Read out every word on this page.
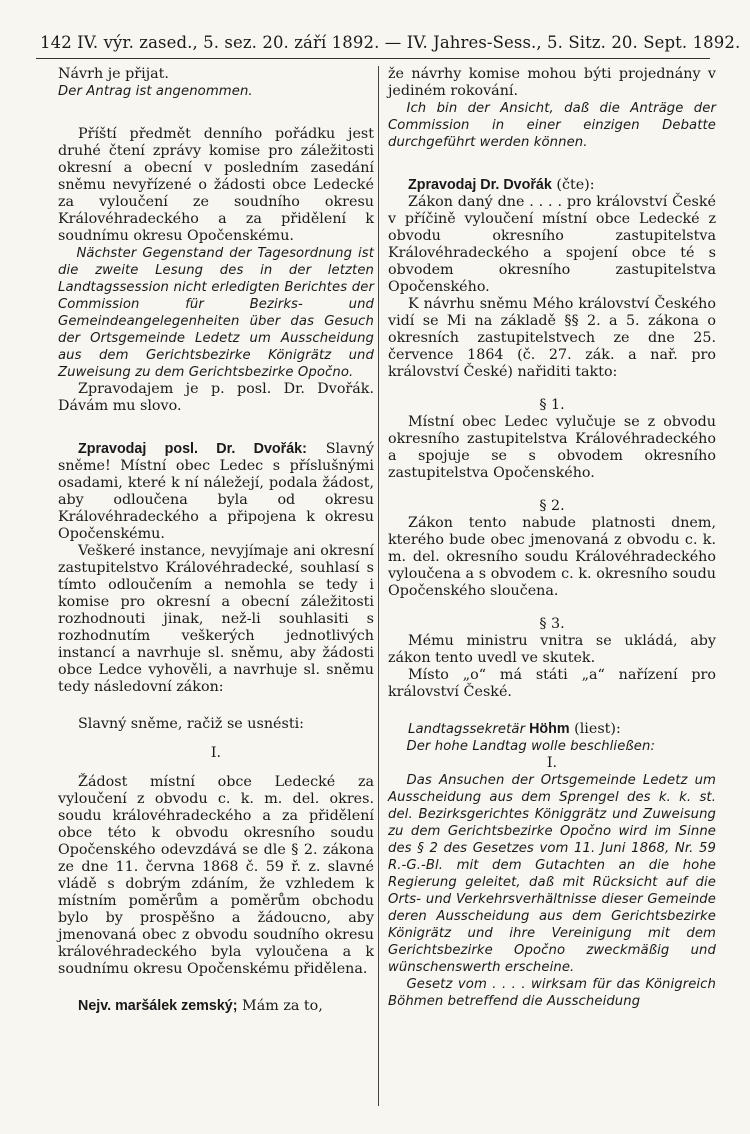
142 IV. výr. zased., 5. sez. 20. září 1892. — IV. Jahres-Sess., 5. Sitz. 20. Sept. 1892.

Návrh je přijat.

Der Antrag ist angenommen.

Příští předmět denního pořádku jest druhé čtení zprávy komise pro záležitosti okresní a obecní v posledním zasedání sněmu nevyřízené o žádosti obce Ledecké za vyloučení ze soudního okresu Královéhradeckého a za přidělení k soudnímu okresu Opočenskému.

Nächster Gegenstand der Tagesordnung ist die zweite Lesung des in der letzten Landtagssession nicht erledigten Berichtes der Commission für Bezirks- und Gemeindeangelegenheiten über das Gesuch der Ortsgemeinde Ledetz um Ausscheidung aus dem Gerichtsbezirke Königrätz und Zuweisung zu dem Gerichtsbezirke Opočno.

Zpravodajem je p. posl. Dr. Dvořák. Dávám mu slovo.

Zpravodaj posl. Dr. Dvořák: Slavný sněme! Místní obec Ledec s příslušnými osadami, které k ní náležejí, podala žádost, aby odloučena byla od okresu Královéhradeckého a připojena k okresu Opočenskému.

Veškeré instance, nevyjímaje ani okresní zastupitelstvo Královéhradecké, souhlasí s tímto odloučením a nemohla se tedy i komise pro okresní a obecní záležitosti rozhodnouti jinak, než-li souhlasiti s rozhodnutím veškerých jednotlivých instancí a navrhuje sl. sněmu, aby žádosti obce Ledce vyhověli, a navrhuje sl. sněmu tedy následovní zákon:

Slavný sněme, račiž se usnésti:

I.

Žádost místní obce Ledecké za vyloučení z obvodu c. k. m. del. okres. soudu královéhradeckého a za přidělení obce této k obvodu okresního soudu Opočenského odevzdává se dle § 2. zákona ze dne 11. června 1868 č. 59 ř. z. slavné vládě s dobrým zdáním, že vzhledem k místním poměrům a poměrům obchodu bylo by prospěšno a žádoucno, aby jmenovaná obec z obvodu soudního okresu královéhradeckého byla vyloučena a k soudnímu okresu Opočenskému přidělena.

Nejv. maršálek zemský; Mám za to,

že návrhy komise mohou býti projednány v jediném rokování.

Ich bin der Ansicht, daß die Anträge der Commission in einer einzigen Debatte durchgeführt werden können.

Zpravodaj Dr. Dvořák (čte):

Zákon daný dne . . . . pro království České v příčině vyloučení místní obce Ledecké z obvodu okresního zastupitelstva Královéhradeckého a spojení obce té s obvodem okresního zastupitelstva Opočenského.

K návrhu sněmu Mého království Českého vidí se Mi na základě §§ 2. a 5. zákona o okresních zastupitelstvech ze dne 25. července 1864 (č. 27. zák. a nař. pro království České) nařiditi takto:

§ 1.

Místní obec Ledec vylučuje se z obvodu okresního zastupitelstva Královéhradeckého a spojuje se s obvodem okresního zastupitelstva Opočenského.

§ 2.

Zákon tento nabude platnosti dnem, kterého bude obec jmenovaná z obvodu c. k. m. del. okresního soudu Královéhradeckého vyloučena a s obvodem c. k. okresního soudu Opočenského sloučena.

§ 3.

Mému ministru vnitra se ukládá, aby zákon tento uvedl ve skutek.

Místo „o“ má státi „a“ nařízení pro království České.

Landtagssekretär Höhm (liest):

Der hohe Landtag wolle beschließen:

I.

Das Ansuchen der Ortsgemeinde Ledetz um Ausscheidung aus dem Sprengel des k. k. st. del. Bezirksgerichtes Königgrätz und Zuweisung zu dem Gerichtsbezirke Opočno wird im Sinne des § 2 des Gesetzes vom 11. Juni 1868, Nr. 59 R.-G.-Bl. mit dem Gutachten an die hohe Regierung geleitet, daß mit Rücksicht auf die Orts- und Verkehrsverhältnisse dieser Gemeinde deren Ausscheidung aus dem Gerichtsbezirke Königrätz und ihre Vereinigung mit dem Gerichtsbezirke Opočno zweckmäßig und wünschenswerth erscheine.

Gesetz vom . . . . wirksam für das Königreich Böhmen betreffend die Ausscheidung
